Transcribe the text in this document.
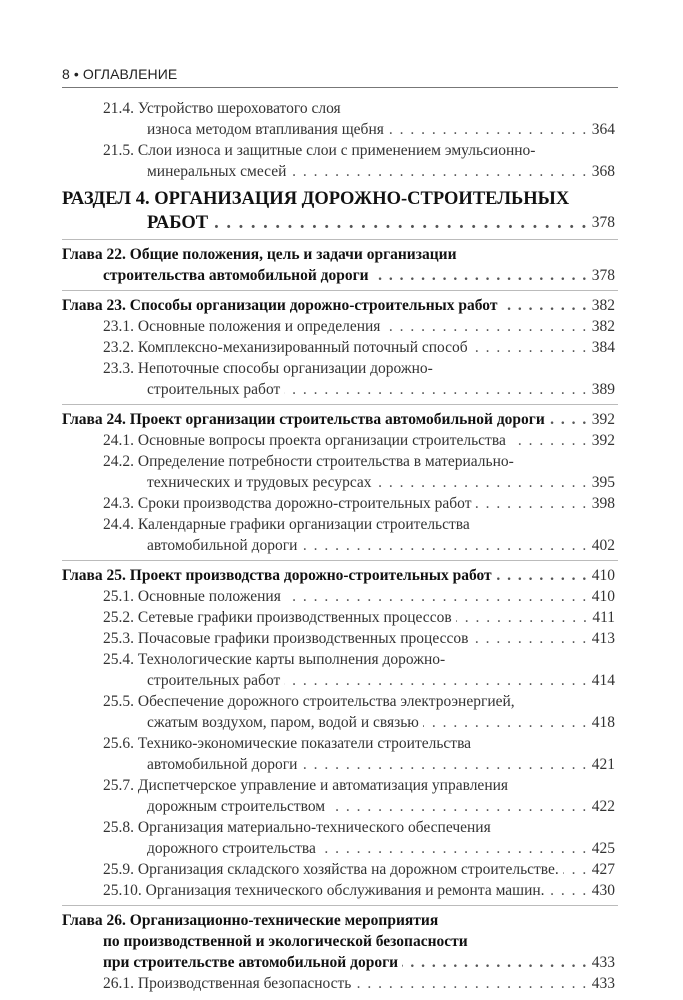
8 • ОГЛАВЛЕНИЕ
21.4. Устройство шероховатого слоя
износа методом втапливания щебня . . .	364
21.5. Слои износа и защитные слои с применением эмульсионно-
минеральных смесей . . .	368
РАЗДЕЛ 4. ОРГАНИЗАЦИЯ ДОРОЖНО-СТРОИТЕЛЬНЫХ
РАБОТ . . .	378
Глава 22. Общие положения, цель и задачи организации
строительства автомобильной дороги . . .	378
Глава 23. Способы организации дорожно-строительных работ . . .	382
23.1. Основные положения и определения . . .	382
23.2. Комплексно-механизированный поточный способ . . .	384
23.3. Непоточные способы организации дорожно-
строительных работ . . .	389
Глава 24. Проект организации строительства автомобильной дороги . . .	392
24.1. Основные вопросы проекта организации строительства . . .	392
24.2. Определение потребности строительства в материально-
технических и трудовых ресурсах . . .	395
24.3. Сроки производства дорожно-строительных работ . . .	398
24.4. Календарные графики организации строительства
автомобильной дороги . . .	402
Глава 25. Проект производства дорожно-строительных работ . . .	410
25.1. Основные положения . . .	410
25.2. Сетевые графики производственных процессов . . .	411
25.3. Почасовые графики производственных процессов . . .	413
25.4. Технологические карты выполнения дорожно-
строительных работ . . .	414
25.5. Обеспечение дорожного строительства электроэнергией,
сжатым воздухом, паром, водой и связью . . .	418
25.6. Технико-экономические показатели строительства
автомобильной дороги . . .	421
25.7. Диспетчерское управление и автоматизация управления
дорожным строительством . . .	422
25.8. Организация материально-технического обеспечения
дорожного строительства . . .	425
25.9. Организация складского хозяйства на дорожном строительстве. . . . 427
25.10. Организация технического обслуживания и ремонта машин. . . .	430
Глава 26. Организационно-технические мероприятия
по производственной и экологической безопасности
при строительстве автомобильной дороги . . .	433
26.1. Производственная безопасность . . .	433
